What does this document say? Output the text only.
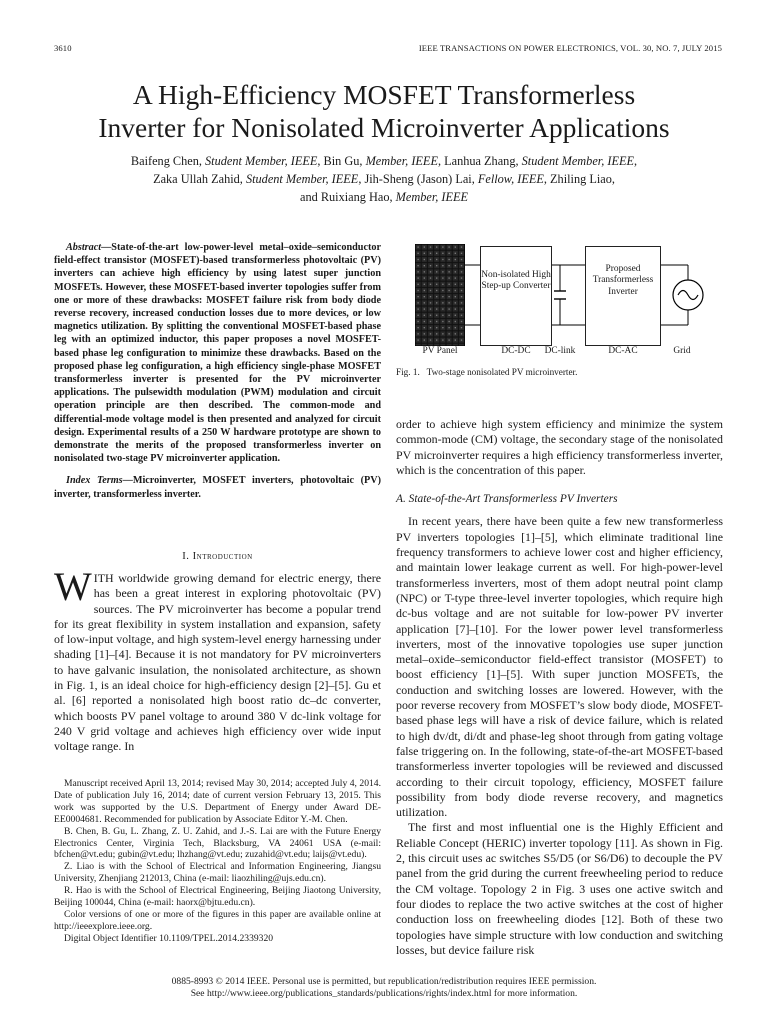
3610	IEEE TRANSACTIONS ON POWER ELECTRONICS, VOL. 30, NO. 7, JULY 2015
A High-Efficiency MOSFET Transformerless
Inverter for Nonisolated Microinverter Applications
Baifeng Chen, Student Member, IEEE, Bin Gu, Member, IEEE, Lanhua Zhang, Student Member, IEEE,
Zaka Ullah Zahid, Student Member, IEEE, Jih-Sheng (Jason) Lai, Fellow, IEEE, Zhiling Liao,
and Ruixiang Hao, Member, IEEE

Abstract—State-of-the-art low-power-level metal–oxide–semiconductor field-effect transistor (MOSFET)-based transformerless photovoltaic (PV) inverters can achieve high efficiency by using latest super junction MOSFETs. However, these MOSFET-based inverter topologies suffer from one or more of these drawbacks: MOSFET failure risk from body diode reverse recovery, increased conduction losses due to more devices, or low magnetics utilization. By splitting the conventional MOSFET-based phase leg with an optimized inductor, this paper proposes a novel MOSFET-based phase leg configuration to minimize these drawbacks. Based on the proposed phase leg configuration, a high efficiency single-phase MOSFET transformerless inverter is presented for the PV microinverter applications. The pulsewidth modulation (PWM) modulation and circuit operation principle are then described. The common-mode and differential-mode voltage model is then presented and analyzed for circuit design. Experimental results of a 250 W hardware prototype are shown to demonstrate the merits of the proposed transformerless inverter on nonisolated two-stage PV microinverter application.

Index Terms—Microinverter, MOSFET inverters, photovoltaic (PV) inverter, transformerless inverter.

I. Introduction
WITH worldwide growing demand for electric energy, there has been a great interest in exploring photovoltaic (PV) sources. The PV microinverter has become a popular trend for its great flexibility in system installation and expansion, safety of low-input voltage, and high system-level energy harnessing under shading [1]–[4]. Because it is not mandatory for PV microinverters to have galvanic insulation, the nonisolated architecture, as shown in Fig. 1, is an ideal choice for high-efficiency design [2]–[5]. Gu et al. [6] reported a nonisolated high boost ratio dc–dc converter, which boosts PV panel voltage to around 380 V dc-link voltage for 240 V grid voltage and achieves high efficiency over wide input voltage range. In

Manuscript received April 13, 2014; revised May 30, 2014; accepted July 4, 2014. Date of publication July 16, 2014; date of current version February 13, 2015. This work was supported by the U.S. Department of Energy under Award DE-EE0004681. Recommended for publication by Associate Editor Y.-M. Chen.

B. Chen, B. Gu, L. Zhang, Z. U. Zahid, and J.-S. Lai are with the Future Energy Electronics Center, Virginia Tech, Blacksburg, VA 24061 USA (e-mail: bfchen@vt.edu; gubin@vt.edu; lhzhang@vt.edu; zuzahid@vt.edu; laijs@vt.edu).

Z. Liao is with the School of Electrical and Information Engineering, Jiangsu University, Zhenjiang 212013, China (e-mail: liaozhiling@ujs.edu.cn).

R. Hao is with the School of Electrical Engineering, Beijing Jiaotong University, Beijing 100044, China (e-mail: haorx@bjtu.edu.cn).

Color versions of one or more of the figures in this paper are available online at http://ieeexplore.ieee.org.

Digital Object Identifier 10.1109/TPEL.2014.2339320

Non-isolated High Step-up Converter
Proposed Transformerless Inverter
PV Panel	DC-DC	DC-link	DC-AC	Grid
Fig. 1. Two-stage nonisolated PV microinverter.

order to achieve high system efficiency and minimize the system common-mode (CM) voltage, the secondary stage of the nonisolated PV microinverter requires a high efficiency transformerless inverter, which is the concentration of this paper.

A. State-of-the-Art Transformerless PV Inverters

In recent years, there have been quite a few new transformerless PV inverters topologies [1]–[5], which eliminate traditional line frequency transformers to achieve lower cost and higher efficiency, and maintain lower leakage current as well. For high-power-level transformerless inverters, most of them adopt neutral point clamp (NPC) or T-type three-level inverter topologies, which require high dc-bus voltage and are not suitable for low-power PV inverter application [7]–[10]. For the lower power level transformerless inverters, most of the innovative topologies use super junction metal–oxide–semiconductor field-effect transistor (MOSFET) to boost efficiency [1]–[5]. With super junction MOSFETs, the conduction and switching losses are lowered. However, with the poor reverse recovery from MOSFET’s slow body diode, MOSFET-based phase legs will have a risk of device failure, which is related to high dv/dt, di/dt and phase-leg shoot through from gating voltage false triggering on. In the following, state-of-the-art MOSFET-based transformerless inverter topologies will be reviewed and discussed according to their circuit topology, efficiency, MOSFET failure possibility from body diode reverse recovery, and magnetics utilization.

The first and most influential one is the Highly Efficient and Reliable Concept (HERIC) inverter topology [11]. As shown in Fig. 2, this circuit uses ac switches S5/D5 (or S6/D6) to decouple the PV panel from the grid during the current freewheeling period to reduce the CM voltage. Topology 2 in Fig. 3 uses one active switch and four diodes to replace the two active switches at the cost of higher conduction loss on freewheeling diodes [12]. Both of these two topologies have simple structure with low conduction and switching losses, but device failure risk

0885-8993 © 2014 IEEE. Personal use is permitted, but republication/redistribution requires IEEE permission.
See http://www.ieee.org/publications_standards/publications/rights/index.html for more information.
